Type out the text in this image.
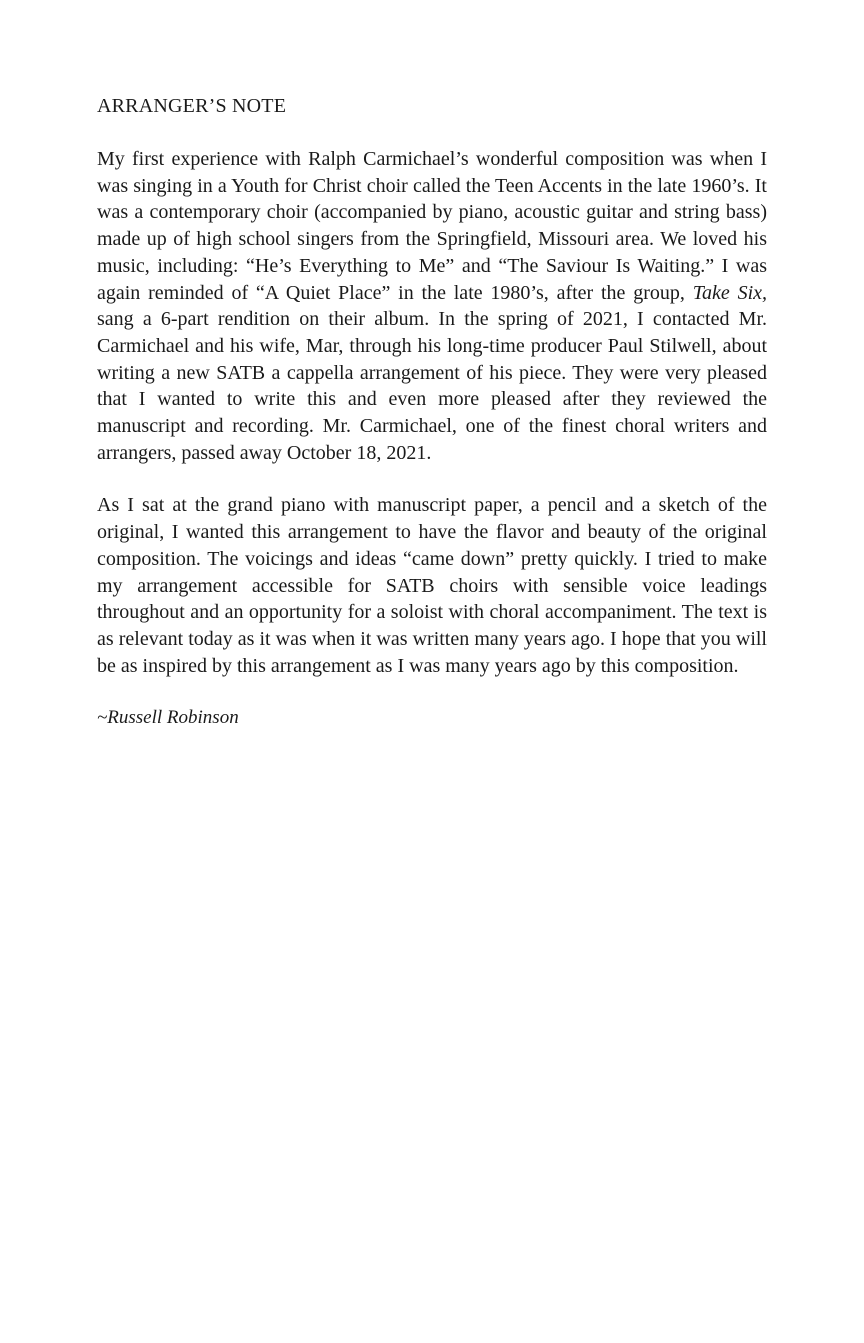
ARRANGER’S NOTE

My first experience with Ralph Carmichael’s wonderful composition was when I was singing in a Youth for Christ choir called the Teen Accents in the late 1960’s. It was a contemporary choir (accompanied by piano, acoustic guitar and string bass) made up of high school singers from the Springfield, Missouri area. We loved his music, including: “He’s Everything to Me” and “The Saviour Is Waiting.” I was again reminded of “A Quiet Place” in the late 1980’s, after the group, Take Six, sang a 6-part rendition on their album. In the spring of 2021, I contacted Mr. Carmichael and his wife, Mar, through his long-time producer Paul Stilwell, about writing a new SATB a cappella arrangement of his piece. They were very pleased that I wanted to write this and even more pleased after they reviewed the manuscript and recording. Mr. Carmichael, one of the finest choral writers and arrangers, passed away October 18, 2021.

As I sat at the grand piano with manuscript paper, a pencil and a sketch of the original, I wanted this arrangement to have the flavor and beauty of the original composition. The voicings and ideas “came down” pretty quickly. I tried to make my arrangement accessible for SATB choirs with sensible voice leadings throughout and an opportunity for a soloist with choral accompaniment. The text is as relevant today as it was when it was written many years ago. I hope that you will be as inspired by this arrangement as I was many years ago by this composition.

~Russell Robinson
